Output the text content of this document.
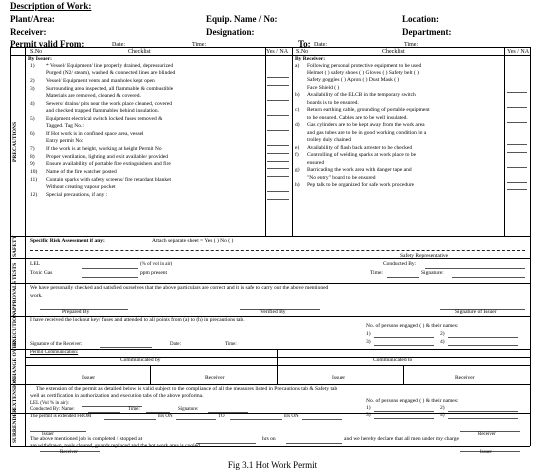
Description of Work:
Plant/Area:	Equip. Name / No:	Location:
Receiver:	Designation:	Department:
Permit valid From:	Date:	Time:	To: Date:	Time:
S.No	Checklist	Yes / NA S.No	Checklist	Yes / NA
PRECAUTIONS
SAFETY
TESTS
APPROVALS
EXECUTION
CHANGE OVER
EXTENSION
SURRENDER
By Issuer:
1) * Vessel/ Equipment/ line properly drained, depressurized
Purged (N2/ steam), washed & connected lines are blinded
2) Vessel/ Equipment vents and manholes kept open
3) Surrounding area inspected, all flammable & combustible
Materials are removed, cleaned & covered.
4) Sewers/ drains/ pits near the work place cleaned, covered
and checked trapped flammables behind insulation.
5) Equipment electrical switch locked fuses removed &
Tagged. Tag No.:
6) If Hot work is in confined space area, vessel
Entry permit No:
7) If the work is at height, working at height Permit No
8) Proper ventilation, lighting and exit available/ provided
9) Ensure availability of portable fire extinguishers and fire
10) Name of the fire watcher posted
11) Contain sparks with safety screens/ fire retardant blanket
Without creating vapour pocket
12) Special precautions, if any :
By Receiver:
a) Following personal protective equipment to be used
Helmet ( ) safety shoes ( ) Gloves ( ) Safety belt ( )
Safety goggles ( ) Apron ( ) Dust Mask ( )
Face Shield ( )
b) Availability of the ELCB in the temporary switch
boards is to be ensured.
c) Return earthing cable, grounding of portable equipment
to be ensured. Cables are to be well insulated.
d) Gas cylinders are to be kept away from the work area
and gas tubes are to be in good working condition in a
trolley duly chained
e) Availability of flash back arrester to be checked
f) Controlling of welding sparks at work place to be
ensured
g) Barricading the work area with danger tape and
"No entry" board to be ensured
h) Pep talk to be organized for safe work procedure
Specific Risk Assessment if any:	Attach separate sheet = Yes ( ) No ( )
Safety Representative
LEL	(% of vol in air)
Toxic Gas	ppm present
Conducted By:
Time:	Signature:
We have personally checked and satisfied ourselves that the above particulars are correct and it is safe to carry out the above mentioned
work.
Prepared By	Verified By	Signature of Issuer
I have received the lockout key/ fuses and attended to all points from (a) to (h) in precautions tab.
No. of persons engaged ( ) & their names:
1)
3)
2)
4)
Signature of the Receiver:	Date:	Time:
Permit Communication:
Communicated by	Communicated to
Issuer	Receiver	Issuer	Receiver
The extension of the permit as detailed below is valid subject to the compliance of all the measures listed in Precautions tab & Safety tab
well as certification in authorization and execution tabs of the above proforma.
LEL (Vol % in air):	No. of persons engaged ( ) & their names:
Conducted By: Name:	Time:	Signature:	1)	2)
The permit is extended FROM	hrs ON	TO	hrs ON	3)	4)
Issuer	Receiver
The above mentioned job is completed / stopped at	hrs on	and we hereby declare that all men under my charge
are withdrawn, tools cleared, guards replaced and the hot work area is cooled.
Receiver	Issuer
Fig 3.1 Hot Work Permit
